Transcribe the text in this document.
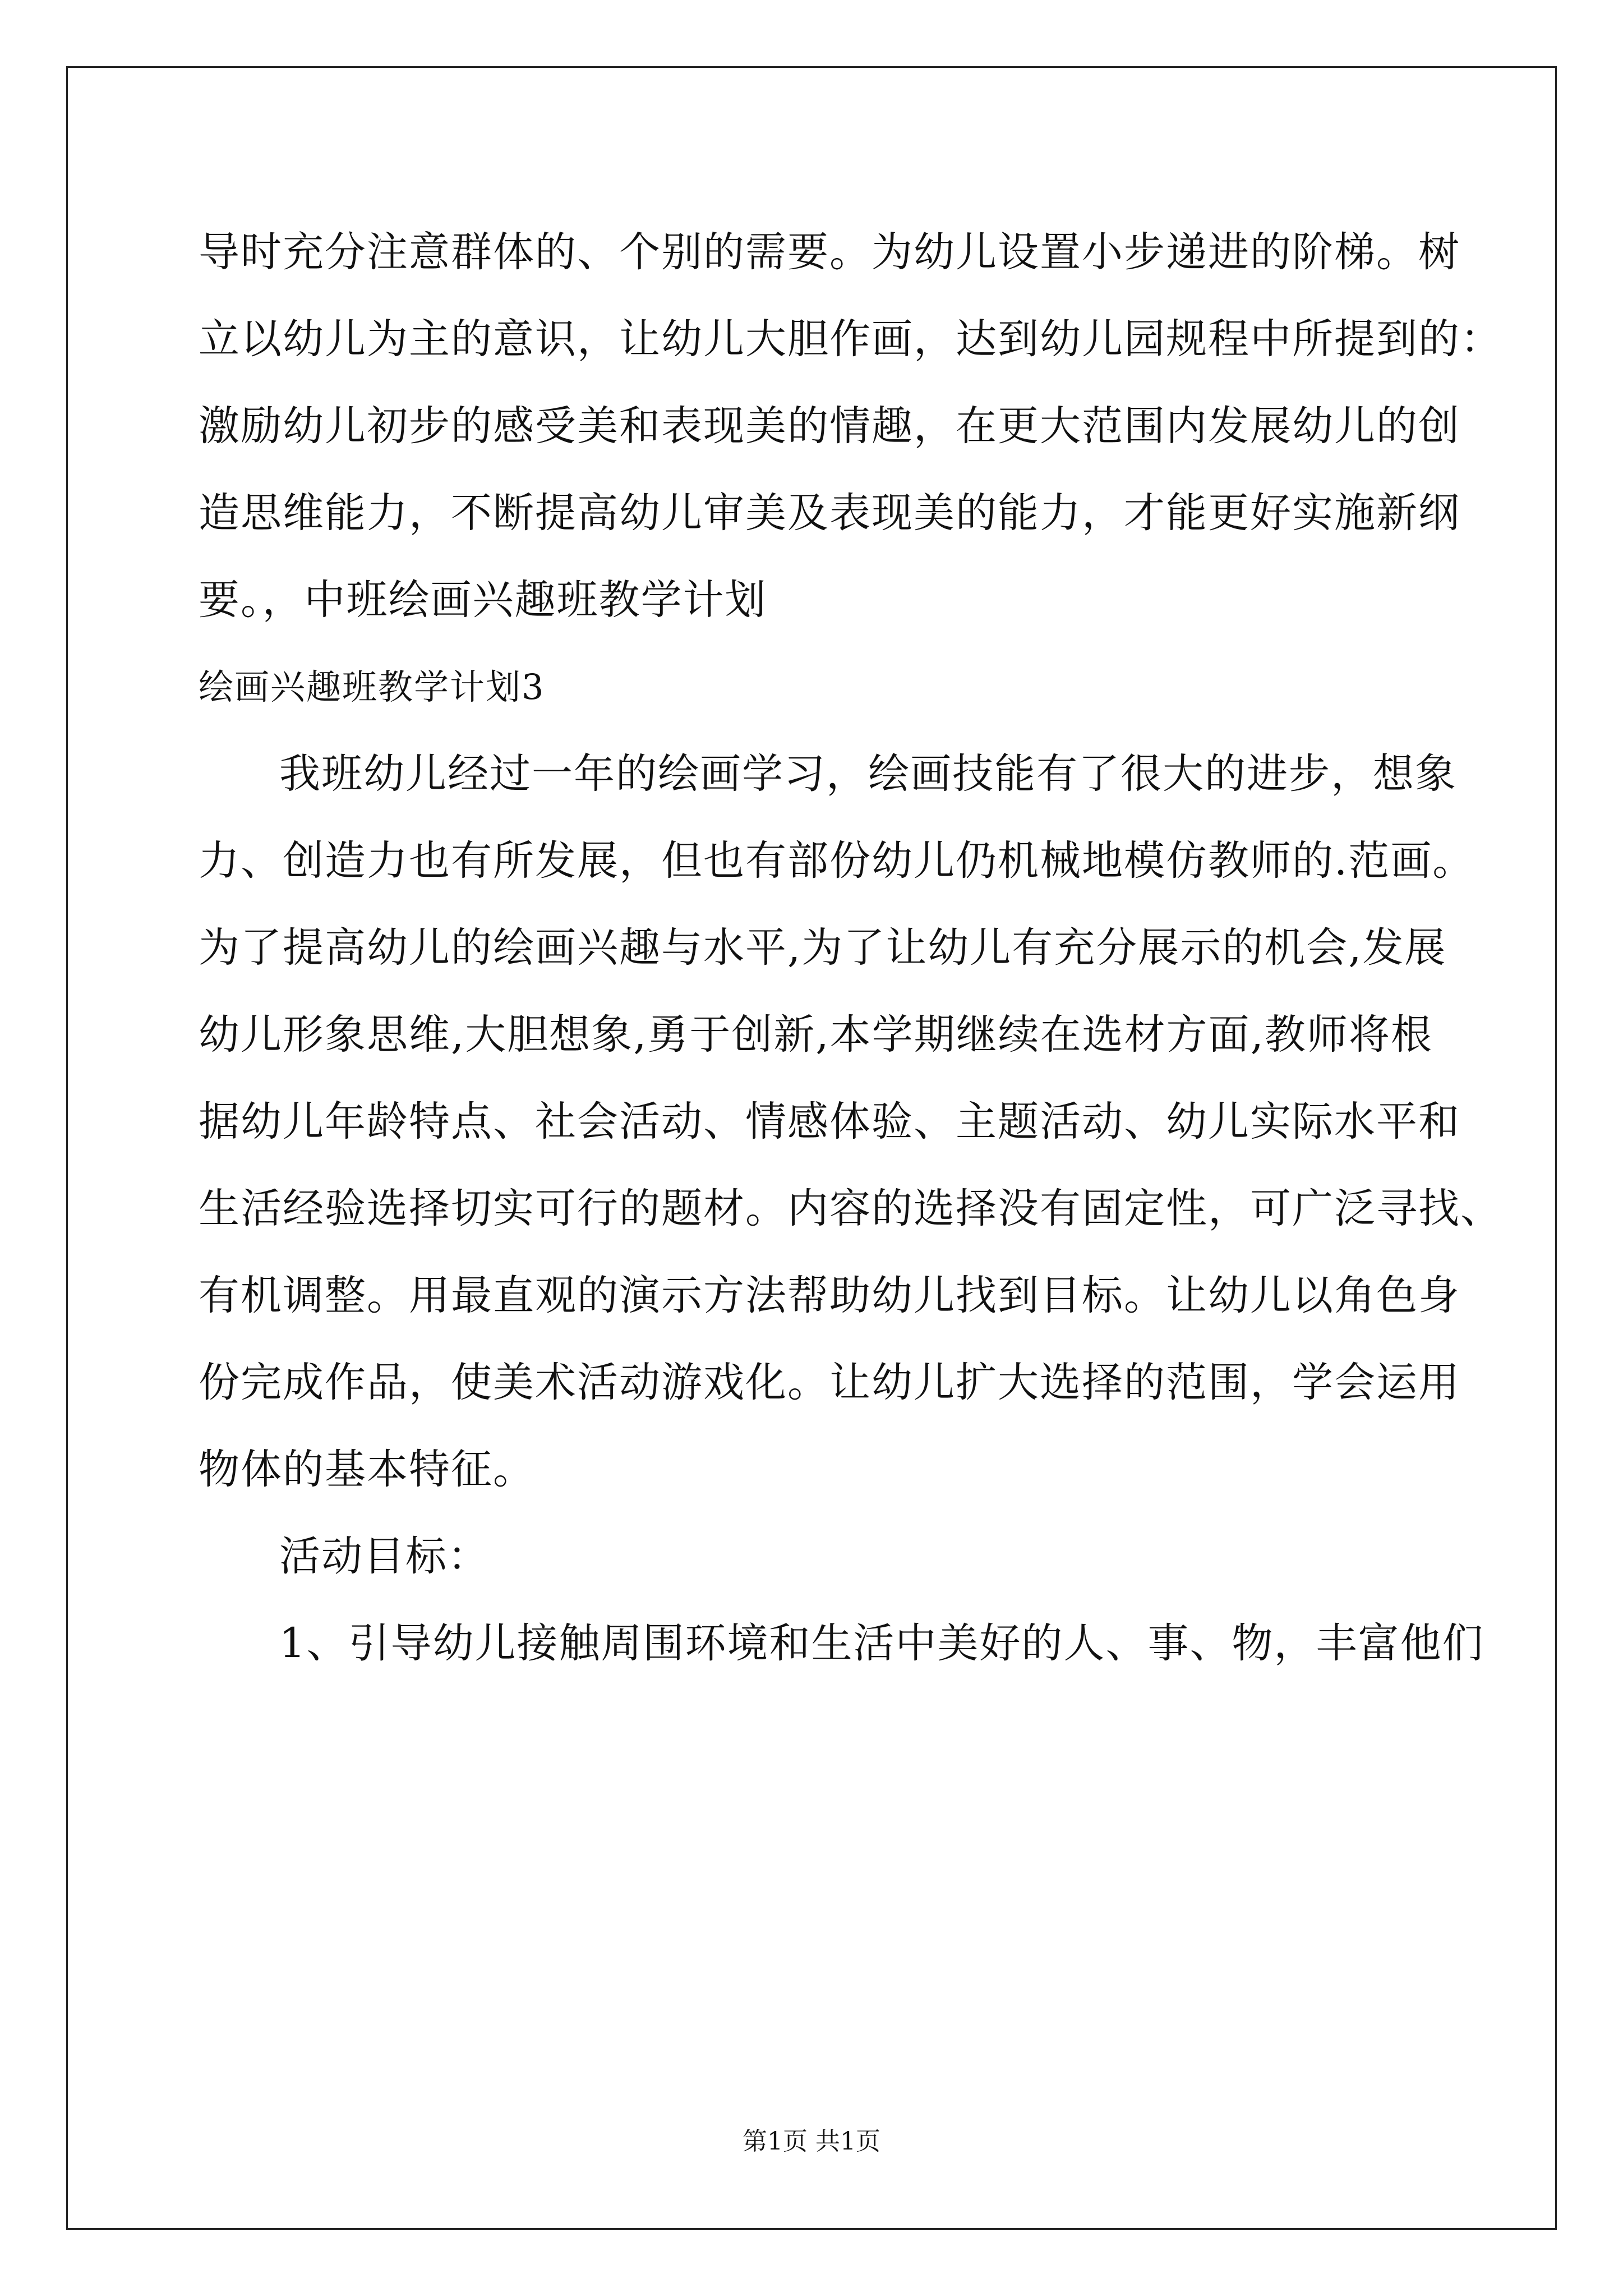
导时充分注意群体的、个别的需要。为幼儿设置小步递进的阶梯。树
立以幼儿为主的意识，让幼儿大胆作画，达到幼儿园规程中所提到的：
激励幼儿初步的感受美和表现美的情趣，在更大范围内发展幼儿的创
造思维能力，不断提高幼儿审美及表现美的能力，才能更好实施新纲
要。，中班绘画兴趣班教学计划
绘画兴趣班教学计划3
我班幼儿经过一年的绘画学习，绘画技能有了很大的进步，想象
力、创造力也有所发展，但也有部份幼儿仍机械地模仿教师的.范画。
为了提高幼儿的绘画兴趣与水平,为了让幼儿有充分展示的机会,发展
幼儿形象思维,大胆想象,勇于创新,本学期继续在选材方面,教师将根
据幼儿年龄特点、社会活动、情感体验、主题活动、幼儿实际水平和
生活经验选择切实可行的题材。内容的选择没有固定性，可广泛寻找、
有机调整。用最直观的演示方法帮助幼儿找到目标。让幼儿以角色身
份完成作品，使美术活动游戏化。让幼儿扩大选择的范围，学会运用
物体的基本特征。
活动目标：
1、引导幼儿接触周围环境和生活中美好的人、事、物，丰富他们
第1页 共1页
